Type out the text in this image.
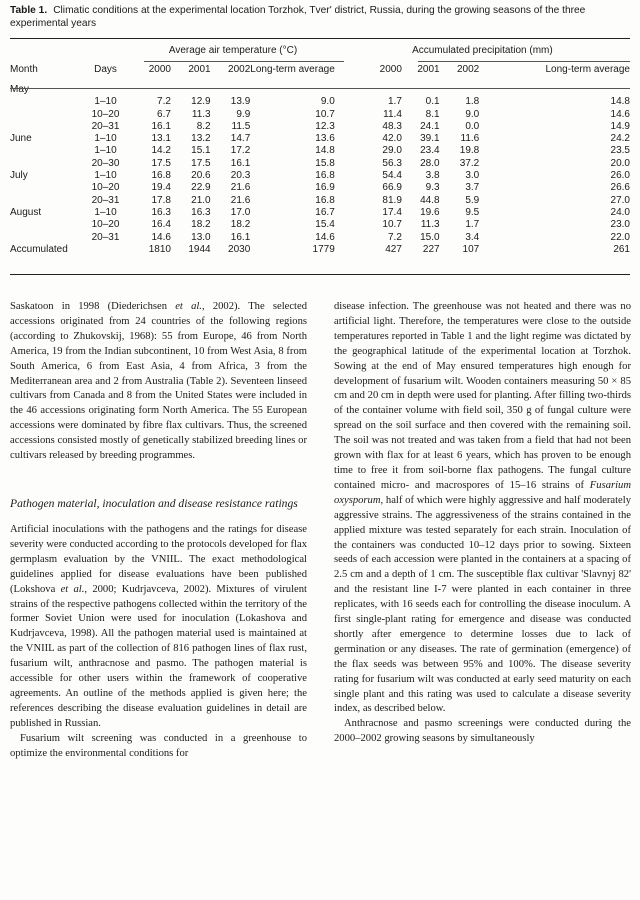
Table 1. Climatic conditions at the experimental location Torzhok, Tver' district, Russia, during the growing seasons of the three experimental years
		Average air temperature (°C)				Accumulated precipitation (mm)			
Month	Days	2000	2001	2002	Long-term average	2000	2001	2002	Long-term average
May									
	1–10	7.2	12.9	13.9	9.0	1.7	0.1	1.8	14.8
	10–20	6.7	11.3	9.9	10.7	11.4	8.1	9.0	14.6
	20–31	16.1	8.2	11.5	12.3	48.3	24.1	0.0	14.9
June	1–10	13.1	13.2	14.7	13.6	42.0	39.1	11.6	24.2
	1–10	14.2	15.1	17.2	14.8	29.0	23.4	19.8	23.5
	20–30	17.5	17.5	16.1	15.8	56.3	28.0	37.2	20.0
July	1–10	16.8	20.6	20.3	16.8	54.4	3.8	3.0	26.0
	10–20	19.4	22.9	21.6	16.9	66.9	9.3	3.7	26.6
	20–31	17.8	21.0	21.6	16.8	81.9	44.8	5.9	27.0
August	1–10	16.3	16.3	17.0	16.7	17.4	19.6	9.5	24.0
	10–20	16.4	18.2	18.2	15.4	10.7	11.3	1.7	23.0
	20–31	14.6	13.0	16.1	14.6	7.2	15.0	3.4	22.0
Accumulated		1810	1944	2030	1779	427	227	107	261

Saskatoon in 1998 (Diederichsen et al., 2002). The selected accessions originated from 24 countries of the following regions (according to Zhukovskij, 1968): 55 from Europe, 46 from North America, 19 from the Indian subcontinent, 10 from West Asia, 8 from South America, 6 from East Asia, 4 from Africa, 3 from the Mediterranean area and 2 from Australia (Table 2). Seventeen linseed cultivars from Canada and 8 from the United States were included in the 46 accessions originating form North America. The 55 European accessions were dominated by fibre flax cultivars. Thus, the screened accessions consisted mostly of genetically stabilized breeding lines or cultivars released by breeding programmes.

Pathogen material, inoculation and disease resistance ratings

Artificial inoculations with the pathogens and the ratings for disease severity were conducted according to the protocols developed for flax germplasm evaluation by the VNIIL. The exact methodological guidelines applied for disease evaluations have been published (Lokshova et al., 2000; Kudrjavceva, 2002). Mixtures of virulent strains of the respective pathogens collected within the territory of the former Soviet Union were used for inoculation (Lokashova and Kudrjavceva, 1998). All the pathogen material used is maintained at the VNIIL as part of the collection of 816 pathogen lines of flax rust, fusarium wilt, anthracnose and pasmo. The pathogen material is accessible for other users within the framework of cooperative agreements. An outline of the methods applied is given here; the references describing the disease evaluation guidelines in detail are published in Russian.

Fusarium wilt screening was conducted in a greenhouse to optimize the environmental conditions for

disease infection. The greenhouse was not heated and there was no artificial light. Therefore, the temperatures were close to the outside temperatures reported in Table 1 and the light regime was dictated by the geographical latitude of the experimental location at Torzhok. Sowing at the end of May ensured temperatures high enough for development of fusarium wilt. Wooden containers measuring 50 × 85 cm and 20 cm in depth were used for planting. After filling two-thirds of the container volume with field soil, 350 g of fungal culture were spread on the soil surface and then covered with the remaining soil. The soil was not treated and was taken from a field that had not been grown with flax for at least 6 years, which has proven to be enough time to free it from soil-borne flax pathogens. The fungal culture contained micro- and macrospores of 15–16 strains of Fusarium oxysporum, half of which were highly aggressive and half moderately aggressive strains. The aggressiveness of the strains contained in the applied mixture was tested separately for each strain. Inoculation of the containers was conducted 10–12 days prior to sowing. Sixteen seeds of each accession were planted in the containers at a spacing of 2.5 cm and a depth of 1 cm. The susceptible flax cultivar 'Slavnyj 82' and the resistant line I-7 were planted in each container in three replicates, with 16 seeds each for controlling the disease inoculum. A first single-plant rating for emergence and disease was conducted shortly after emergence to determine losses due to lack of germination or any diseases. The rate of germination (emergence) of the flax seeds was between 95% and 100%. The disease severity rating for fusarium wilt was conducted at early seed maturity on each single plant and this rating was used to calculate a disease severity index, as described below.

Anthracnose and pasmo screenings were conducted during the 2000–2002 growing seasons by simultaneously
